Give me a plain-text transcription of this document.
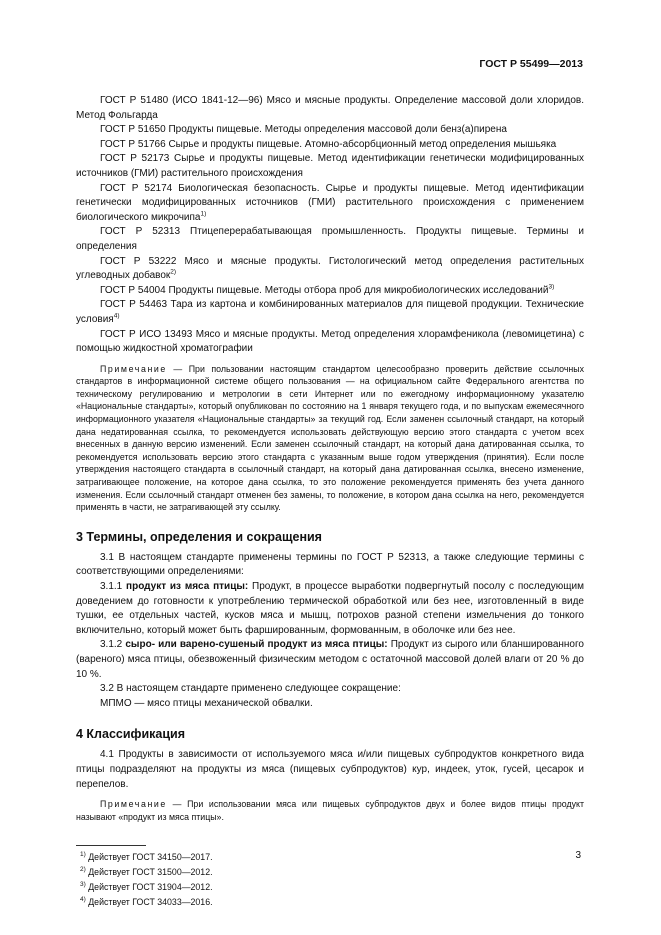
ГОСТ Р 55499—2013

ГОСТ Р 51480 (ИСО 1841-12—96) Мясо и мясные продукты. Определение массовой доли хлоридов. Метод Фольгарда

ГОСТ Р 51650 Продукты пищевые. Методы определения массовой доли бенз(а)пирена

ГОСТ Р 51766 Сырье и продукты пищевые. Атомно-абсорбционный метод определения мышьяка

ГОСТ Р 52173 Сырье и продукты пищевые. Метод идентификации генетически модифицированных источников (ГМИ) растительного происхождения

ГОСТ Р 52174 Биологическая безопасность. Сырье и продукты пищевые. Метод идентификации генетически модифицированных источников (ГМИ) растительного происхождения с применением биологического микрочипа$^{1)}$

ГОСТ Р 52313 Птицеперерабатывающая промышленность. Продукты пищевые. Термины и определения

ГОСТ Р 53222 Мясо и мясные продукты. Гистологический метод определения растительных углеводных добавок$^{2)}$

ГОСТ Р 54004 Продукты пищевые. Методы отбора проб для микробиологических исследований$^{3)}$

ГОСТ Р 54463 Тара из картона и комбинированных материалов для пищевой продукции. Технические условия$^{4)}$

ГОСТ Р ИСО 13493 Мясо и мясные продукты. Метод определения хлорамфеникола (левомицетина) с помощью жидкостной хроматографии

Примечание — При пользовании настоящим стандартом целесообразно проверить действие ссылочных стандартов в информационной системе общего пользования — на официальном сайте Федерального агентства по техническому регулированию и метрологии в сети Интернет или по ежегодному информационному указателю «Национальные стандарты», который опубликован по состоянию на 1 января текущего года, и по выпускам ежемесячного информационного указателя «Национальные стандарты» за текущий год. Если заменен ссылочный стандарт, на который дана недатированная ссылка, то рекомендуется использовать действующую версию этого стандарта с учетом всех внесенных в данную версию изменений. Если заменен ссылочный стандарт, на который дана датированная ссылка, то рекомендуется использовать версию этого стандарта с указанным выше годом утверждения (принятия). Если после утверждения настоящего стандарта в ссылочный стандарт, на который дана датированная ссылка, внесено изменение, затрагивающее положение, на которое дана ссылка, то это положение рекомендуется применять без учета данного изменения. Если ссылочный стандарт отменен без замены, то положение, в котором дана ссылка на него, рекомендуется применять в части, не затрагивающей эту ссылку.

3 Термины, определения и сокращения

3.1 В настоящем стандарте применены термины по ГОСТ Р 52313, а также следующие термины с соответствующими определениями:

3.1.1 продукт из мяса птицы: Продукт, в процессе выработки подвергнутый посолу с последующим доведением до готовности к употреблению термической обработкой или без нее, изготовленный в виде тушки, ее отдельных частей, кусков мяса и мышц, потрохов разной степени измельчения до тонкого включительно, который может быть фаршированным, формованным, в оболочке или без нее.

3.1.2 сыро- или варено-сушеный продукт из мяса птицы: Продукт из сырого или бланшированного (вареного) мяса птицы, обезвоженный физическим методом с остаточной массовой долей влаги от 20 % до 10 %.

3.2 В настоящем стандарте применено следующее сокращение:

МПМО — мясо птицы механической обвалки.

4 Классификация

4.1 Продукты в зависимости от используемого мяса и/или пищевых субпродуктов конкретного вида птицы подразделяют на продукты из мяса (пищевых субпродуктов) кур, индеек, уток, гусей, цесарок и перепелов.

Примечание — При использовании мяса или пищевых субпродуктов двух и более видов птицы продукт называют «продукт из мяса птицы».

$^{1)}$ Действует ГОСТ 34150—2017.
$^{2)}$ Действует ГОСТ 31500—2012.
$^{3)}$ Действует ГОСТ 31904—2012.
$^{4)}$ Действует ГОСТ 34033—2016.
3
